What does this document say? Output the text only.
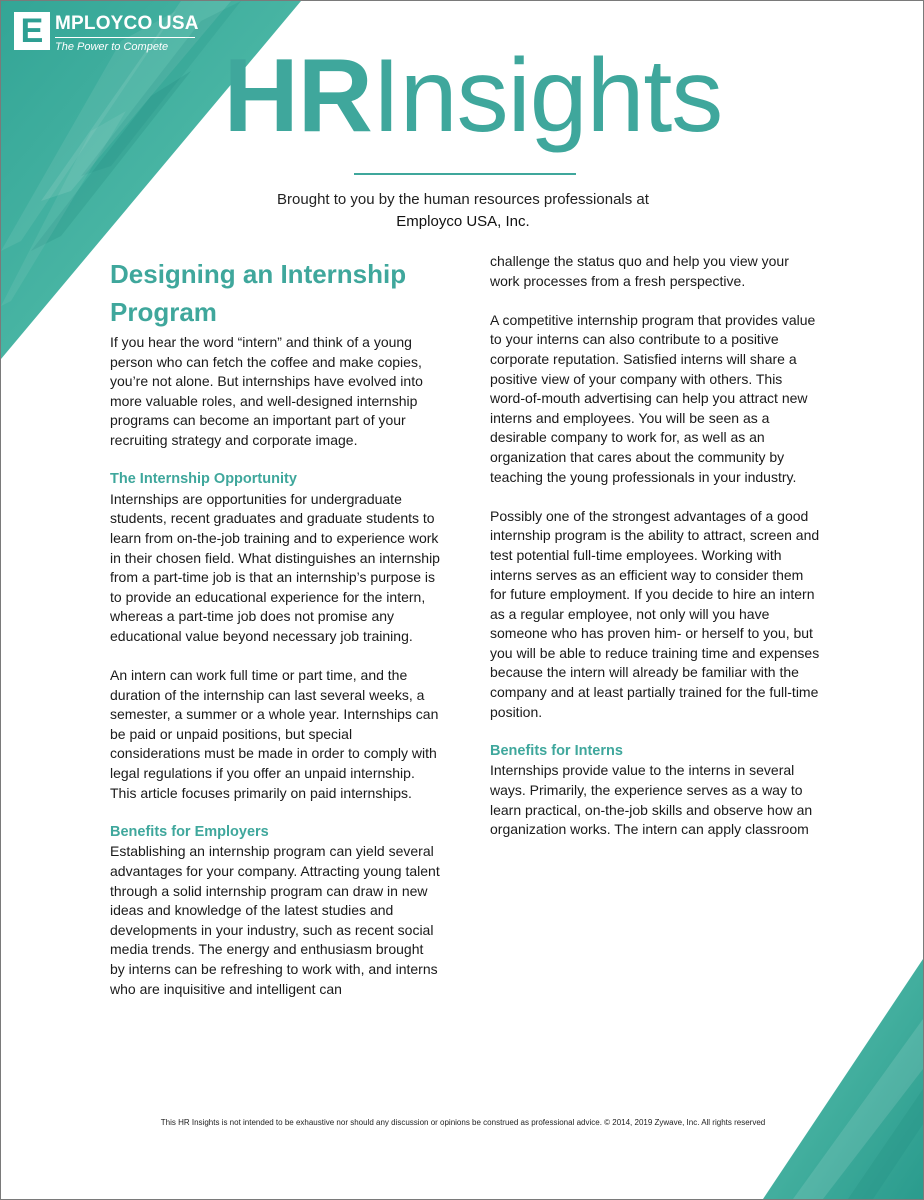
E MPLOYCO USA
The Power to Compete HRInsights
Brought to you by the human resources professionals at
Employco USA, Inc.
Designing an Internship Program

If you hear the word “intern” and think of a young person who can fetch the coffee and make copies, you’re not alone. But internships have evolved into more valuable roles, and well-designed internship programs can become an important part of your recruiting strategy and corporate image.

The Internship Opportunity

Internships are opportunities for undergraduate students, recent graduates and graduate students to learn from on-the-job training and to experience work in their chosen field. What distinguishes an internship from a part-time job is that an internship’s purpose is to provide an educational experience for the intern, whereas a part-time job does not promise any educational value beyond necessary job training.

An intern can work full time or part time, and the duration of the internship can last several weeks, a semester, a summer or a whole year. Internships can be paid or unpaid positions, but special considerations must be made in order to comply with legal regulations if you offer an unpaid internship. This article focuses primarily on paid internships.

Benefits for Employers

Establishing an internship program can yield several advantages for your company. Attracting young talent through a solid internship program can draw in new ideas and knowledge of the latest studies and developments in your industry, such as recent social media trends. The energy and enthusiasm brought by interns can be refreshing to work with, and interns who are inquisitive and intelligent can

challenge the status quo and help you view your work processes from a fresh perspective.

A competitive internship program that provides value to your interns can also contribute to a positive corporate reputation. Satisfied interns will share a positive view of your company with others. This word-of-mouth advertising can help you attract new interns and employees. You will be seen as a desirable company to work for, as well as an organization that cares about the community by teaching the young professionals in your industry.

Possibly one of the strongest advantages of a good internship program is the ability to attract, screen and test potential full-time employees. Working with interns serves as an efficient way to consider them for future employment. If you decide to hire an intern as a regular employee, not only will you have someone who has proven him- or herself to you, but you will be able to reduce training time and expenses because the intern will already be familiar with the company and at least partially trained for the full-time position.

Benefits for Interns

Internships provide value to the interns in several ways. Primarily, the experience serves as a way to learn practical, on-the-job skills and observe how an organization works. The intern can apply classroom

This HR Insights is not intended to be exhaustive nor should any discussion or opinions be construed as professional advice. © 2014, 2019 Zywave, Inc. All rights reserved
